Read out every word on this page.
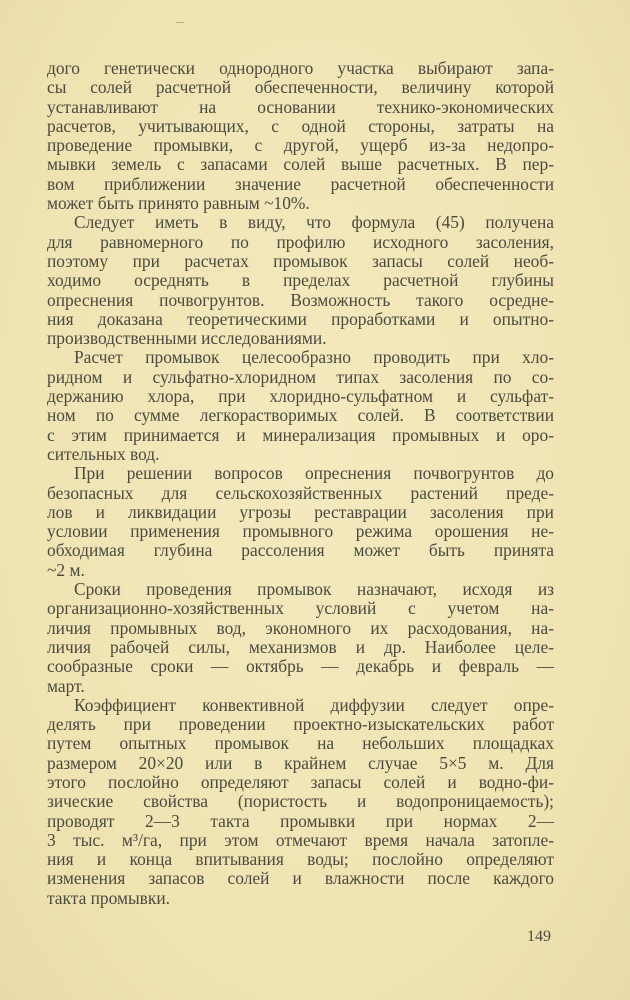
дого генетически однородного участка выбирают запа-
сы солей расчетной обеспеченности, величину которой
устанавливают на основании технико-экономических
расчетов, учитывающих, с одной стороны, затраты на
проведение промывки, с другой, ущерб из-за недопро-
мывки земель с запасами солей выше расчетных. В пер-
вом приближении значение расчетной обеспеченности
может быть принято равным ~10%.
Следует иметь в виду, что формула (45) получена
для равномерного по профилю исходного засоления,
поэтому при расчетах промывок запасы солей необ-
ходимо осреднять в пределах расчетной глубины
опреснения почвогрунтов. Возможность такого осредне-
ния доказана теоретическими проработками и опытно-
производственными исследованиями.
Расчет промывок целесообразно проводить при хло-
ридном и сульфатно-хлоридном типах засоления по со-
держанию хлора, при хлоридно-сульфатном и сульфат-
ном по сумме легкорастворимых солей. В соответствии
с этим принимается и минерализация промывных и оро-
сительных вод.
При решении вопросов опреснения почвогрунтов до
безопасных для сельскохозяйственных растений преде-
лов и ликвидации угрозы реставрации засоления при
условии применения промывного режима орошения не-
обходимая глубина рассоления может быть принята
~2 м.
Сроки проведения промывок назначают, исходя из
организационно-хозяйственных условий с учетом на-
личия промывных вод, экономного их расходования, на-
личия рабочей силы, механизмов и др. Наиболее целе-
сообразные сроки — октябрь — декабрь и февраль —
март.
Коэффициент конвективной диффузии следует опре-
делять при проведении проектно-изыскательских работ
путем опытных промывок на небольших площадках
размером 20×20 или в крайнем случае 5×5 м. Для
этого послойно определяют запасы солей и водно-фи-
зические свойства (пористость и водопроницаемость);
проводят 2—3 такта промывки при нормах 2—
3 тыс. м³/га, при этом отмечают время начала затопле-
ния и конца впитывания воды; послойно определяют
изменения запасов солей и влажности после каждого
такта промывки.
149
